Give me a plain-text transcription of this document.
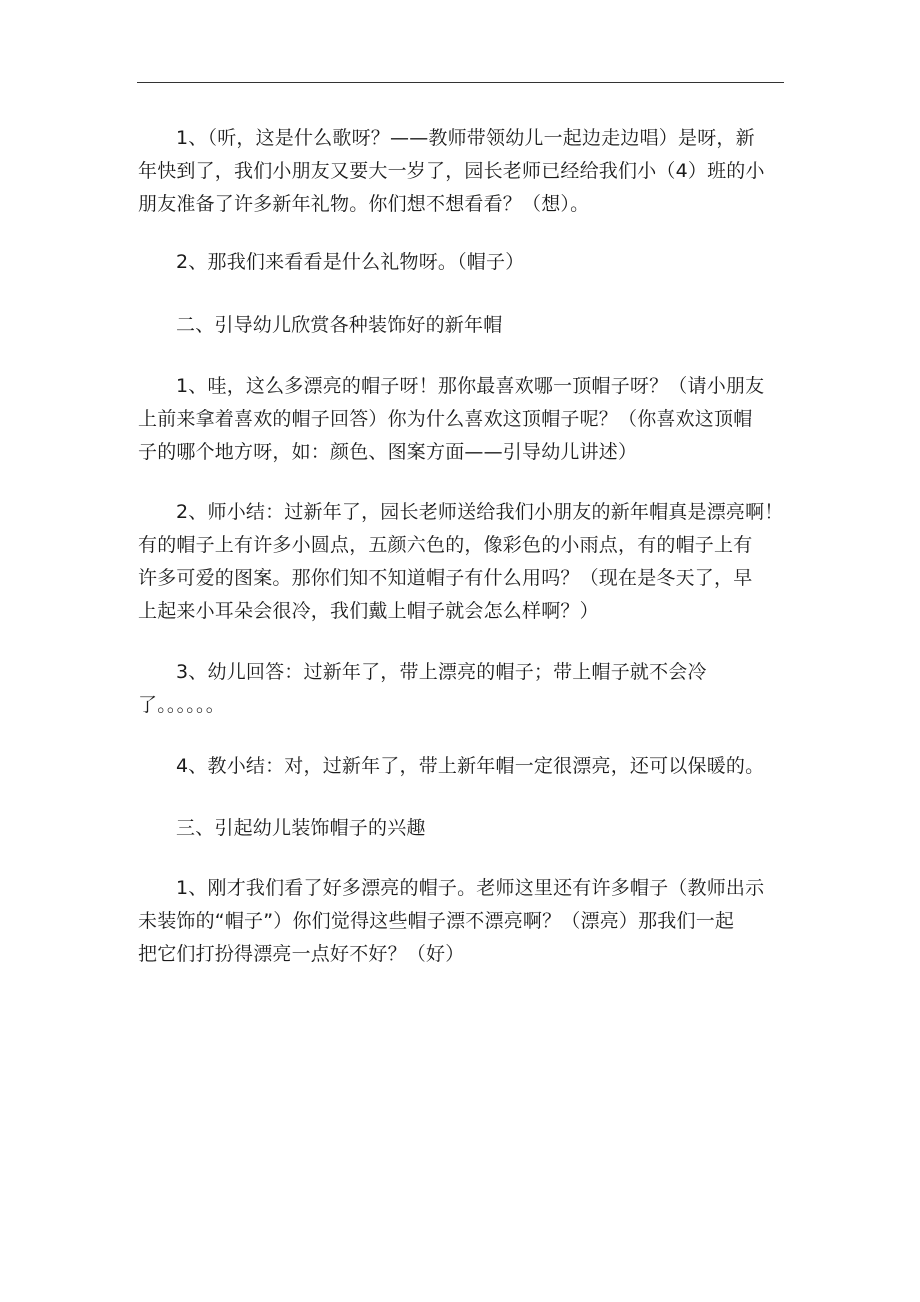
1、（听，这是什么歌呀？——教师带领幼儿一起边走边唱）是呀，新
年快到了，我们小朋友又要大一岁了，园长老师已经给我们小（4）班的小
朋友准备了许多新年礼物。你们想不想看看？（想）。

2、那我们来看看是什么礼物呀。（帽子）

二、引导幼儿欣赏各种装饰好的新年帽

1、哇，这么多漂亮的帽子呀！那你最喜欢哪一顶帽子呀？（请小朋友
上前来拿着喜欢的帽子回答）你为什么喜欢这顶帽子呢？（你喜欢这顶帽
子的哪个地方呀，如：颜色、图案方面——引导幼儿讲述）

2、师小结：过新年了，园长老师送给我们小朋友的新年帽真是漂亮啊！
有的帽子上有许多小圆点，五颜六色的，像彩色的小雨点，有的帽子上有
许多可爱的图案。那你们知不知道帽子有什么用吗？（现在是冬天了，早
上起来小耳朵会很冷，我们戴上帽子就会怎么样啊？）

3、幼儿回答：过新年了，带上漂亮的帽子；带上帽子就不会冷
了。。。。。。

4、教小结：对，过新年了，带上新年帽一定很漂亮，还可以保暖的。

三、引起幼儿装饰帽子的兴趣

1、刚才我们看了好多漂亮的帽子。老师这里还有许多帽子（教师出示
未装饰的“帽子”）你们觉得这些帽子漂不漂亮啊？（漂亮）那我们一起
把它们打扮得漂亮一点好不好？（好）
